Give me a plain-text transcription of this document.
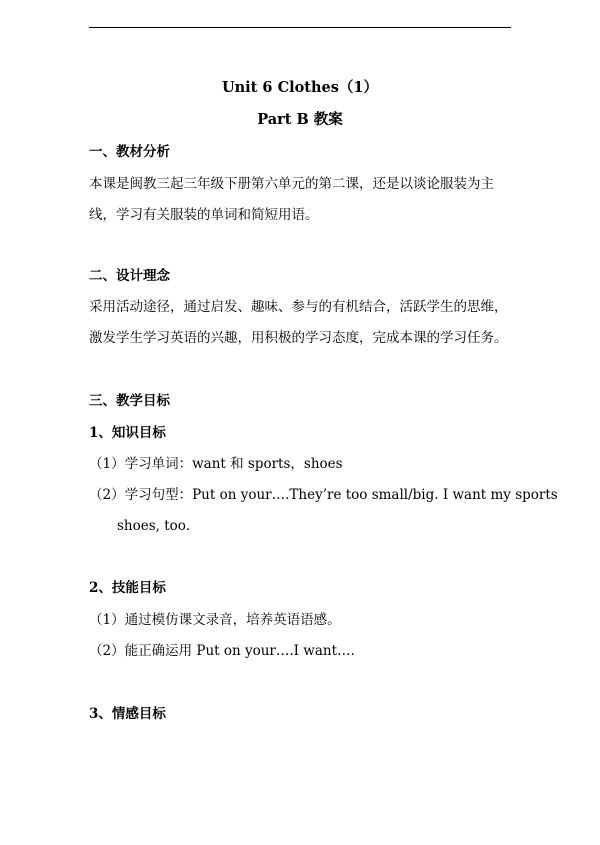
Unit 6 Clothes（1）
Part B 教案
一、教材分析
本课是闽教三起三年级下册第六单元的第二课，还是以谈论服装为主
线，学习有关服装的单词和简短用语。
二、设计理念
采用活动途径，通过启发、趣味、参与的有机结合，活跃学生的思维，
激发学生学习英语的兴趣，用积极的学习态度，完成本课的学习任务。
三、教学目标
1、知识目标
（1）学习单词：want 和 sports，shoes
（2）学习句型：Put on your….They’re too small/big. I want my sports
shoes, too.
2、技能目标
（1）通过模仿课文录音，培养英语语感。
（2）能正确运用 Put on your….I want….
3、情感目标
